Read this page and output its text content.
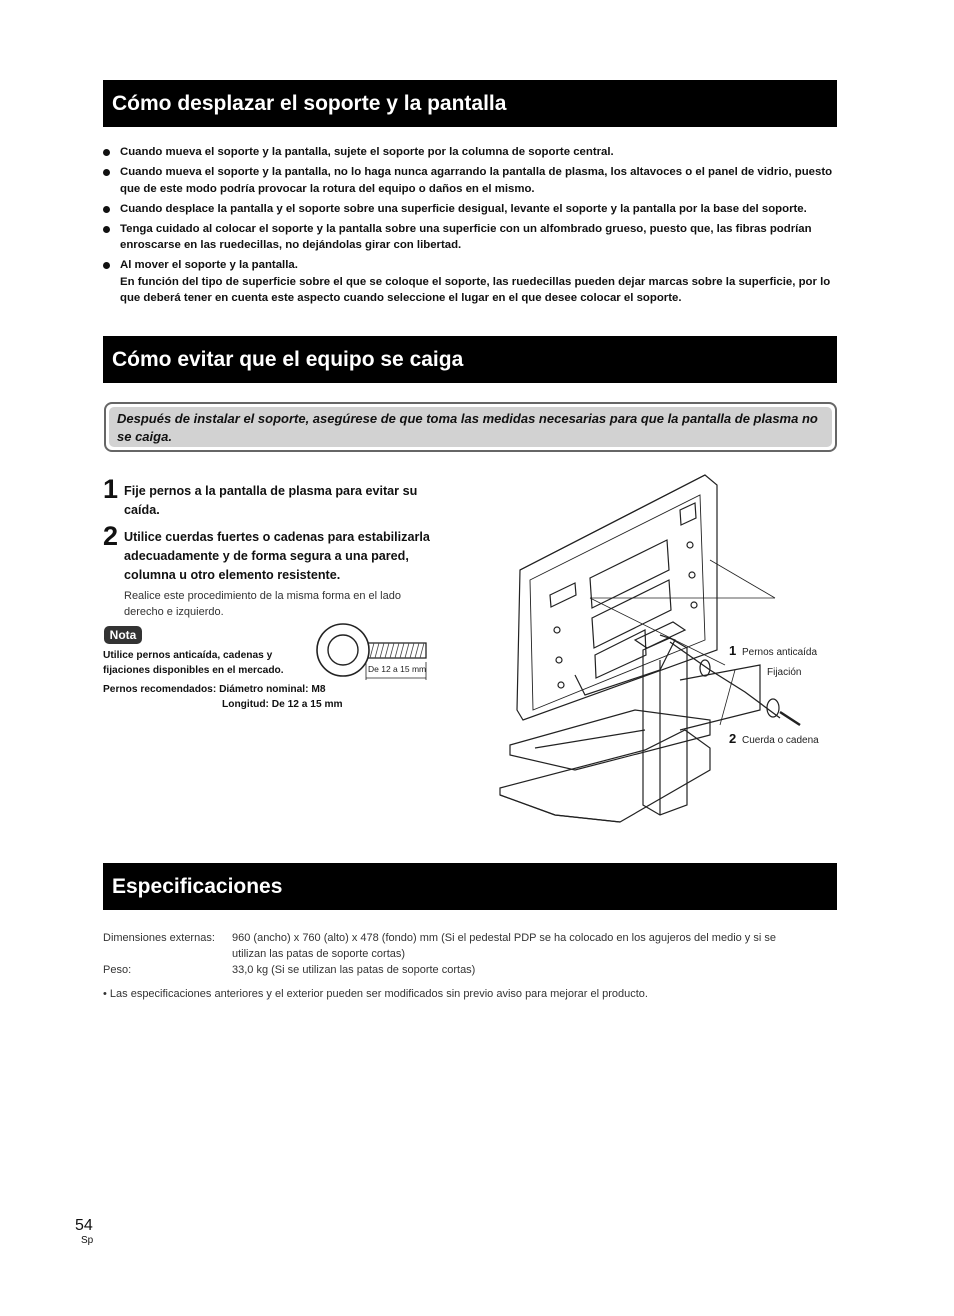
Cómo desplazar el soporte y la pantalla
Cuando mueva el soporte y la pantalla, sujete el soporte por la columna de soporte central.
Cuando mueva el soporte y la pantalla, no lo haga nunca agarrando la pantalla de plasma, los altavoces o el panel de vidrio, puesto que de este modo podría provocar la rotura del equipo o daños en el mismo.
Cuando desplace la pantalla y el soporte sobre una superficie desigual, levante el soporte y la pantalla por la base del soporte.
Tenga cuidado al colocar el soporte y la pantalla sobre una superficie con un alfombrado grueso, puesto que, las fibras podrían enroscarse en las ruedecillas, no dejándolas girar con libertad.
Al mover el soporte y la pantalla.
En función del tipo de superficie sobre el que se coloque el soporte, las ruedecillas pueden dejar marcas sobre la superficie, por lo que deberá tener en cuenta este aspecto cuando seleccione el lugar en el que desee colocar el soporte.
Cómo evitar que el equipo se caiga
Después de instalar el soporte, asegúrese de que toma las medidas necesarias para que la pantalla de plasma no se caiga.
1 Fije pernos a la pantalla de plasma para evitar su caída.
2 Utilice cuerdas fuertes o cadenas para estabilizarla adecuadamente y de forma segura a una pared, columna u otro elemento resistente.
Realice este procedimiento de la misma forma en el lado derecho e izquierdo.
Nota
Utilice pernos anticaída, cadenas y
fijaciones disponibles en el mercado.
Pernos recomendados: Diámetro nominal: M8
Longitud: De 12 a 15 mm
De 12 a 15 mm
1 Pernos anticaída
Fijación
2 Cuerda o cadena
Especificaciones
Dimensiones externas: 960 (ancho) x 760 (alto) x 478 (fondo) mm (Si el pedestal PDP se ha colocado en los agujeros del medio y si se
utilizan las patas de soporte cortas)
Peso:	33,0 kg (Si se utilizan las patas de soporte cortas)
• Las especificaciones anteriores y el exterior pueden ser modificados sin previo aviso para mejorar el producto.
54
Sp
